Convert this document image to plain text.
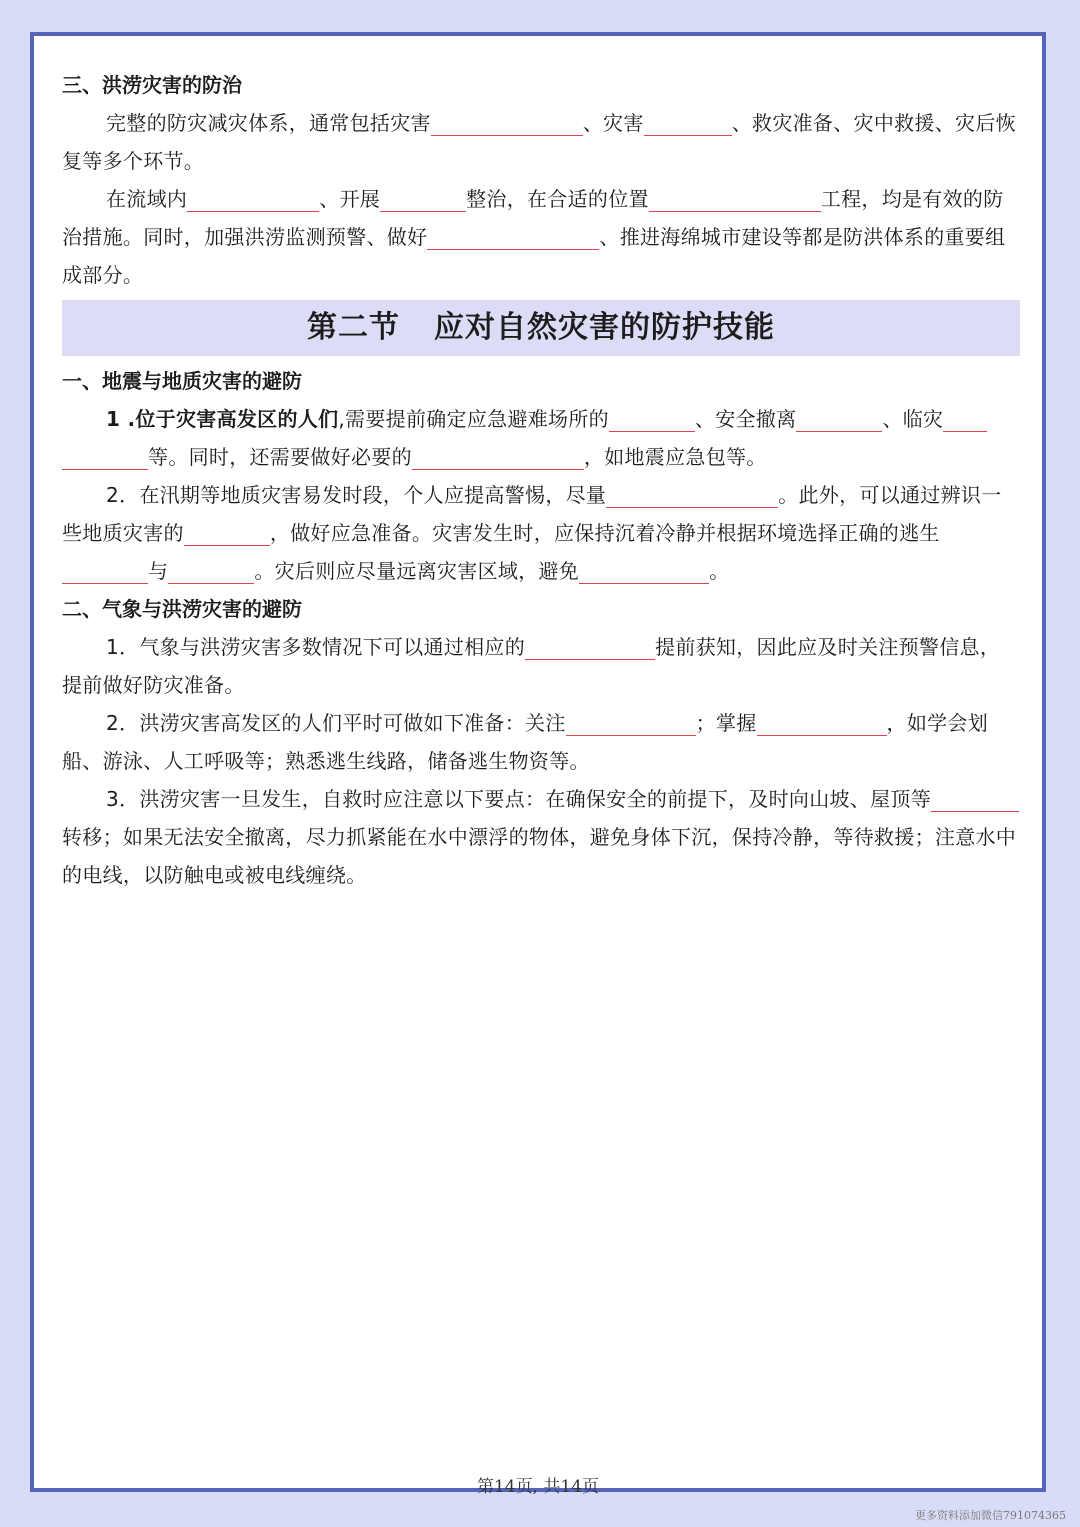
三、洪涝灾害的防治

完整的防灾减灾体系，通常包括灾害	、灾害	、救灾准备、灾中救援、灾后恢复等多个环节。

在流域内	、开展	整治，在合适的位置	工程，均是有效的防治措施。同时，加强洪涝监测预警、做好	、推进海绵城市建设等都是防洪体系的重要组成部分。

第二节 应对自然灾害的防护技能
一、地震与地质灾害的避防

1 .位于灾害高发区的人们,需要提前确定应急避难场所的	、安全撤离	、临灾等。同时，还需要做好必要的	，如地震应急包等。

2．在汛期等地质灾害易发时段，个人应提高警惕，尽量	。此外，可以通过辨识一些地质灾害的	，做好应急准备。灾害发生时，应保持沉着冷静并根据环境选择正确的逃生与	。灾后则应尽量远离灾害区域，避免	。

二、气象与洪涝灾害的避防

1．气象与洪涝灾害多数情况下可以通过相应的	提前获知，因此应及时关注预警信息，提前做好防灾准备。

2．洪涝灾害高发区的人们平时可做如下准备：关注	；掌握	，如学会划船、游泳、人工呼吸等；熟悉逃生线路，储备逃生物资等。

3．洪涝灾害一旦发生，自救时应注意以下要点：在确保安全的前提下，及时向山坡、屋顶等转移；如果无法安全撤离，尽力抓紧能在水中漂浮的物体，避免身体下沉，保持冷静，等待救援；注意水中的电线，以防触电或被电线缠绕。

第14页, 共14页
更多资料添加微信791074365
